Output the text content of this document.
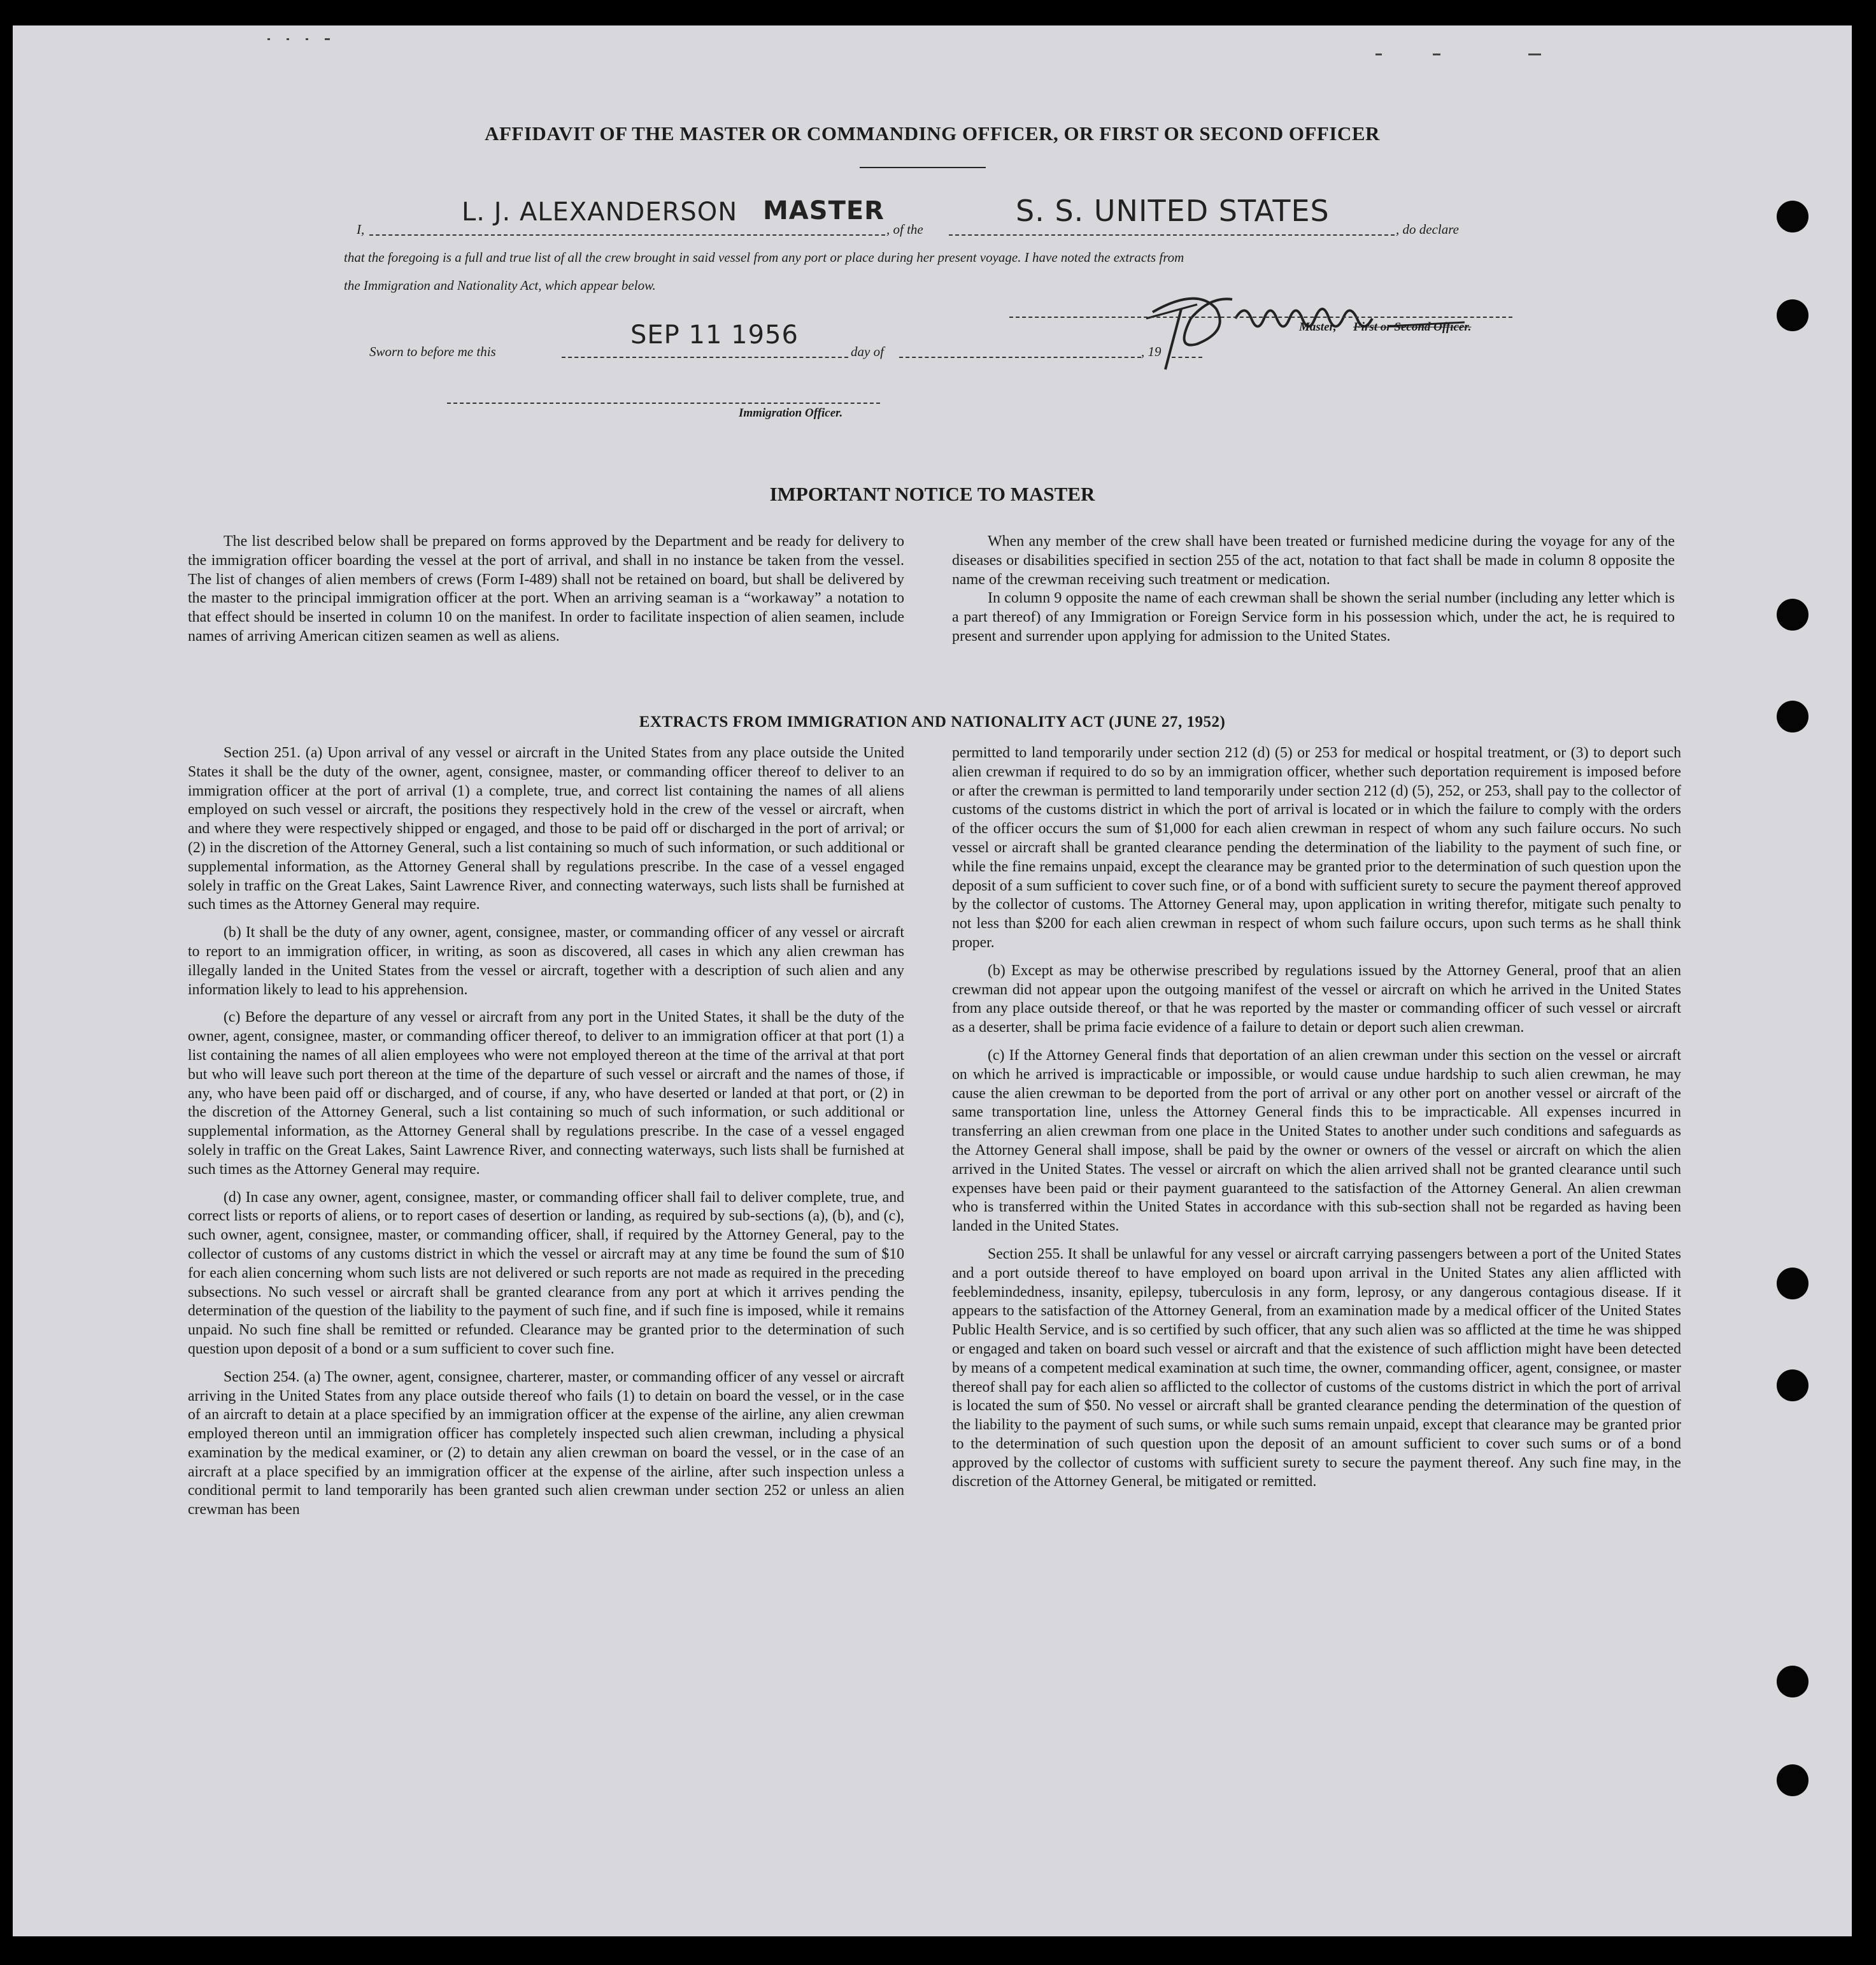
AFFIDAVIT OF THE MASTER OR COMMANDING OFFICER, OR FIRST OR SECOND OFFICER
I,
L. J. ALEXANDERSON MASTER
, of the
S. S. UNITED STATES
, do declare
that the foregoing is a full and true list of all the crew brought in said vessel from any port or place during her present voyage. I have noted the extracts from
the Immigration and Nationality Act, which appear below.
Master, First or Second Officer.
Sworn to before me this
SEP 11 1956
day of	, 19
Immigration Officer.
IMPORTANT NOTICE TO MASTER

The list described below shall be prepared on forms approved by the Department and be ready for delivery to the immigration officer boarding the vessel at the port of arrival, and shall in no instance be taken from the vessel. The list of changes of alien members of crews (Form I-489) shall not be retained on board, but shall be delivered by the master to the principal immigration officer at the port. When an arriving seaman is a “workaway” a notation to that effect should be inserted in column 10 on the manifest. In order to facilitate inspection of alien seamen, include names of arriving American citizen seamen as well as aliens.

When any member of the crew shall have been treated or furnished medicine during the voyage for any of the diseases or disabilities specified in section 255 of the act, notation to that fact shall be made in column 8 opposite the name of the crewman receiving such treatment or medication.

In column 9 opposite the name of each crewman shall be shown the serial number (including any letter which is a part thereof) of any Immigration or Foreign Service form in his possession which, under the act, he is required to present and surrender upon applying for admission to the United States.

EXTRACTS FROM IMMIGRATION AND NATIONALITY ACT (JUNE 27, 1952)

Section 251. (a) Upon arrival of any vessel or aircraft in the United States from any place outside the United States it shall be the duty of the owner, agent, consignee, master, or commanding officer thereof to deliver to an immigration officer at the port of arrival (1) a complete, true, and correct list containing the names of all aliens employed on such vessel or aircraft, the positions they respectively hold in the crew of the vessel or aircraft, when and where they were respectively shipped or engaged, and those to be paid off or discharged in the port of arrival; or (2) in the discretion of the Attorney General, such a list containing so much of such information, or such additional or supplemental information, as the Attorney General shall by regulations prescribe. In the case of a vessel engaged solely in traffic on the Great Lakes, Saint Lawrence River, and connecting waterways, such lists shall be furnished at such times as the Attorney General may require.

(b) It shall be the duty of any owner, agent, consignee, master, or commanding officer of any vessel or aircraft to report to an immigration officer, in writing, as soon as discovered, all cases in which any alien crewman has illegally landed in the United States from the vessel or aircraft, together with a description of such alien and any information likely to lead to his apprehension.

(c) Before the departure of any vessel or aircraft from any port in the United States, it shall be the duty of the owner, agent, consignee, master, or commanding officer thereof, to deliver to an immigration officer at that port (1) a list containing the names of all alien employees who were not employed thereon at the time of the arrival at that port but who will leave such port thereon at the time of the departure of such vessel or aircraft and the names of those, if any, who have been paid off or discharged, and of course, if any, who have deserted or landed at that port, or (2) in the discretion of the Attorney General, such a list containing so much of such information, or such additional or supplemental information, as the Attorney General shall by regulations prescribe. In the case of a vessel engaged solely in traffic on the Great Lakes, Saint Lawrence River, and connecting waterways, such lists shall be furnished at such times as the Attorney General may require.

(d) In case any owner, agent, consignee, master, or commanding officer shall fail to deliver complete, true, and correct lists or reports of aliens, or to report cases of desertion or landing, as required by sub-sections (a), (b), and (c), such owner, agent, consignee, master, or commanding officer, shall, if required by the Attorney General, pay to the collector of customs of any customs district in which the vessel or aircraft may at any time be found the sum of $10 for each alien concerning whom such lists are not delivered or such reports are not made as required in the preceding subsections. No such vessel or aircraft shall be granted clearance from any port at which it arrives pending the determination of the question of the liability to the payment of such fine, and if such fine is imposed, while it remains unpaid. No such fine shall be remitted or refunded. Clearance may be granted prior to the determination of such question upon deposit of a bond or a sum sufficient to cover such fine.

Section 254. (a) The owner, agent, consignee, charterer, master, or commanding officer of any vessel or aircraft arriving in the United States from any place outside thereof who fails (1) to detain on board the vessel, or in the case of an aircraft to detain at a place specified by an immigration officer at the expense of the airline, any alien crewman employed thereon until an immigration officer has completely inspected such alien crewman, including a physical examination by the medical examiner, or (2) to detain any alien crewman on board the vessel, or in the case of an aircraft at a place specified by an immigration officer at the expense of the airline, after such inspection unless a conditional permit to land temporarily has been granted such alien crewman under section 252 or unless an alien crewman has been

permitted to land temporarily under section 212 (d) (5) or 253 for medical or hospital treatment, or (3) to deport such alien crewman if required to do so by an immigration officer, whether such deportation requirement is imposed before or after the crewman is permitted to land temporarily under section 212 (d) (5), 252, or 253, shall pay to the collector of customs of the customs district in which the port of arrival is located or in which the failure to comply with the orders of the officer occurs the sum of $1,000 for each alien crewman in respect of whom any such failure occurs. No such vessel or aircraft shall be granted clearance pending the determination of the liability to the payment of such fine, or while the fine remains unpaid, except the clearance may be granted prior to the determination of such question upon the deposit of a sum sufficient to cover such fine, or of a bond with sufficient surety to secure the payment thereof approved by the collector of customs. The Attorney General may, upon application in writing therefor, mitigate such penalty to not less than $200 for each alien crewman in respect of whom such failure occurs, upon such terms as he shall think proper.

(b) Except as may be otherwise prescribed by regulations issued by the Attorney General, proof that an alien crewman did not appear upon the outgoing manifest of the vessel or aircraft on which he arrived in the United States from any place outside thereof, or that he was reported by the master or commanding officer of such vessel or aircraft as a deserter, shall be prima facie evidence of a failure to detain or deport such alien crewman.

(c) If the Attorney General finds that deportation of an alien crewman under this section on the vessel or aircraft on which he arrived is impracticable or impossible, or would cause undue hardship to such alien crewman, he may cause the alien crewman to be deported from the port of arrival or any other port on another vessel or aircraft of the same transportation line, unless the Attorney General finds this to be impracticable. All expenses incurred in transferring an alien crewman from one place in the United States to another under such conditions and safeguards as the Attorney General shall impose, shall be paid by the owner or owners of the vessel or aircraft on which the alien arrived in the United States. The vessel or aircraft on which the alien arrived shall not be granted clearance until such expenses have been paid or their payment guaranteed to the satisfaction of the Attorney General. An alien crewman who is transferred within the United States in accordance with this sub-section shall not be regarded as having been landed in the United States.

Section 255. It shall be unlawful for any vessel or aircraft carrying passengers between a port of the United States and a port outside thereof to have employed on board upon arrival in the United States any alien afflicted with feeblemindedness, insanity, epilepsy, tuberculosis in any form, leprosy, or any dangerous contagious disease. If it appears to the satisfaction of the Attorney General, from an examination made by a medical officer of the United States Public Health Service, and is so certified by such officer, that any such alien was so afflicted at the time he was shipped or engaged and taken on board such vessel or aircraft and that the existence of such affliction might have been detected by means of a competent medical examination at such time, the owner, commanding officer, agent, consignee, or master thereof shall pay for each alien so afflicted to the collector of customs of the customs district in which the port of arrival is located the sum of $50. No vessel or aircraft shall be granted clearance pending the determination of the question of the liability to the payment of such sums, or while such sums remain unpaid, except that clearance may be granted prior to the determination of such question upon the deposit of an amount sufficient to cover such sums or of a bond approved by the collector of customs with sufficient surety to secure the payment thereof. Any such fine may, in the discretion of the Attorney General, be mitigated or remitted.
